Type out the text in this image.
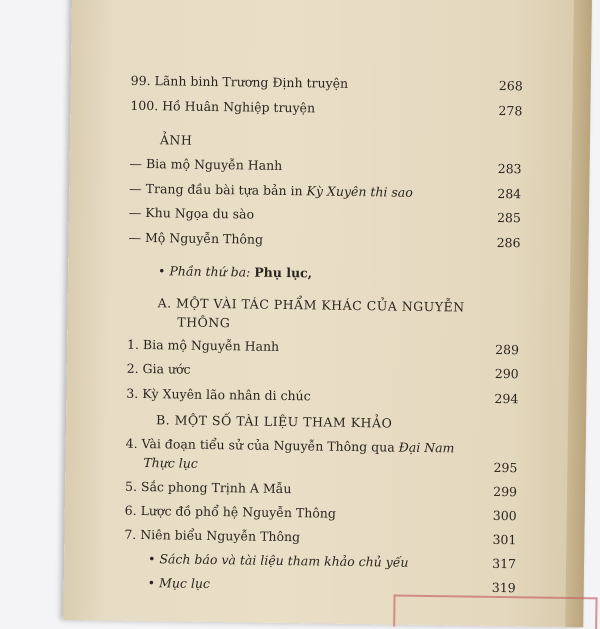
99. Lãnh binh Trương Định truyện	268
100. Hồ Huân Nghiệp truyện	278
ẢNH
— Bia mộ Nguyễn Hanh	283
— Trang đầu bài tựa bản in Kỳ Xuyên thi sao	284
— Khu Ngọa du sào	285
— Mộ Nguyễn Thông	286
• Phần thứ ba: Phụ lục,
A. MỘT VÀI TÁC PHẨM KHÁC CỦA NGUYỄN
THÔNG
1. Bia mộ Nguyễn Hanh	289
2. Gia ước	290
3. Kỳ Xuyên lão nhân di chúc	294
B. MỘT SỐ TÀI LIỆU THAM KHẢO
4. Vài đoạn tiểu sử của Nguyễn Thông qua Đại Nam
Thực lục	295
5. Sắc phong Trịnh A Mẫu	299
6. Lược đồ phổ hệ Nguyễn Thông	300
7. Niên biểu Nguyễn Thông	301
• Sách báo và tài liệu tham khảo chủ yếu	317
• Mục lục	319
